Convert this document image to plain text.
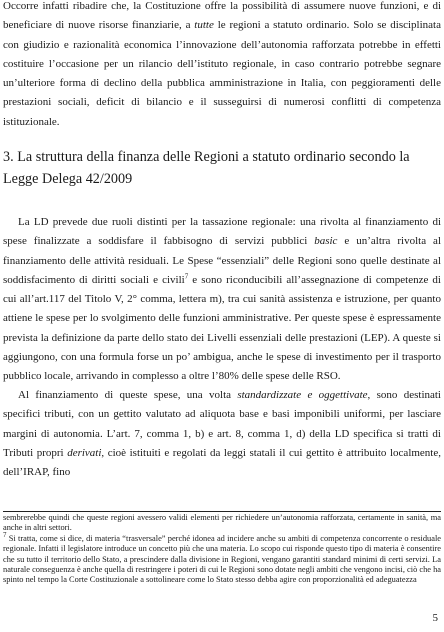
Occorre infatti ribadire che, la Costituzione offre la possibilità di assumere nuove funzioni, e di beneficiare di nuove risorse finanziarie, a tutte le regioni a statuto ordinario. Solo se disciplinata con giudizio e razionalità economica l’innovazione dell’autonomia rafforzata potrebbe in effetti costituire l’occasione per un rilancio dell’istituto regionale, in caso contrario potrebbe segnare un’ulteriore forma di declino della pubblica amministrazione in Italia, con peggioramenti delle prestazioni sociali, deficit di bilancio e il susseguirsi di numerosi conflitti di competenza istituzionale.

3. La struttura della finanza delle Regioni a statuto ordinario secondo la Legge Delega 42/2009

La LD prevede due ruoli distinti per la tassazione regionale: una rivolta al finanziamento di spese finalizzate a soddisfare il fabbisogno di servizi pubblici basic e un’altra rivolta al finanziamento delle attività residuali. Le Spese “essenziali” delle Regioni sono quelle destinate al soddisfacimento di diritti sociali e civili$^7$ e sono riconducibili all’assegnazione di competenze di cui all’art.117 del Titolo V, 2° comma, lettera m), tra cui sanità assistenza e istruzione, per quanto attiene le spese per lo svolgimento delle funzioni amministrative. Per queste spese è espressamente prevista la definizione da parte dello stato dei Livelli essenziali delle prestazioni (LEP). A queste si aggiungono, con una formula forse un po’ ambigua, anche le spese di investimento per il trasporto pubblico locale, arrivando in complesso a oltre l’80% delle spese delle RSO.

Al finanziamento di queste spese, una volta standardizzate e oggettivate, sono destinati specifici tributi, con un gettito valutato ad aliquota base e basi imponibili uniformi, per lasciare margini di autonomia. L’art. 7, comma 1, b) e art. 8, comma 1, d) della LD specifica si tratti di Tributi propri derivati, cioè istituiti e regolati da leggi statali il cui gettito è attribuito localmente, dell’IRAP, fino

sembrerebbe quindi che queste regioni avessero validi elementi per richiedere un’autonomia rafforzata, certamente in sanità, ma anche in altri settori.

$^7$ Si tratta, come si dice, di materia “trasversale” perché idonea ad incidere anche su ambiti di competenza concorrente o residuale regionale. Infatti il legislatore introduce un concetto più che una materia. Lo scopo cui risponde questo tipo di materia è consentire che su tutto il territorio dello Stato, a prescindere dalla divisione in Regioni, vengano garantiti standard minimi di certi servizi. La naturale conseguenza è anche quella di restringere i poteri di cui le Regioni sono dotate negli ambiti che vengono incisi, ciò che ha spinto nel tempo la Corte Costituzionale a sottolineare come lo Stato stesso debba agire con proporzionalità ed adeguatezza

5
